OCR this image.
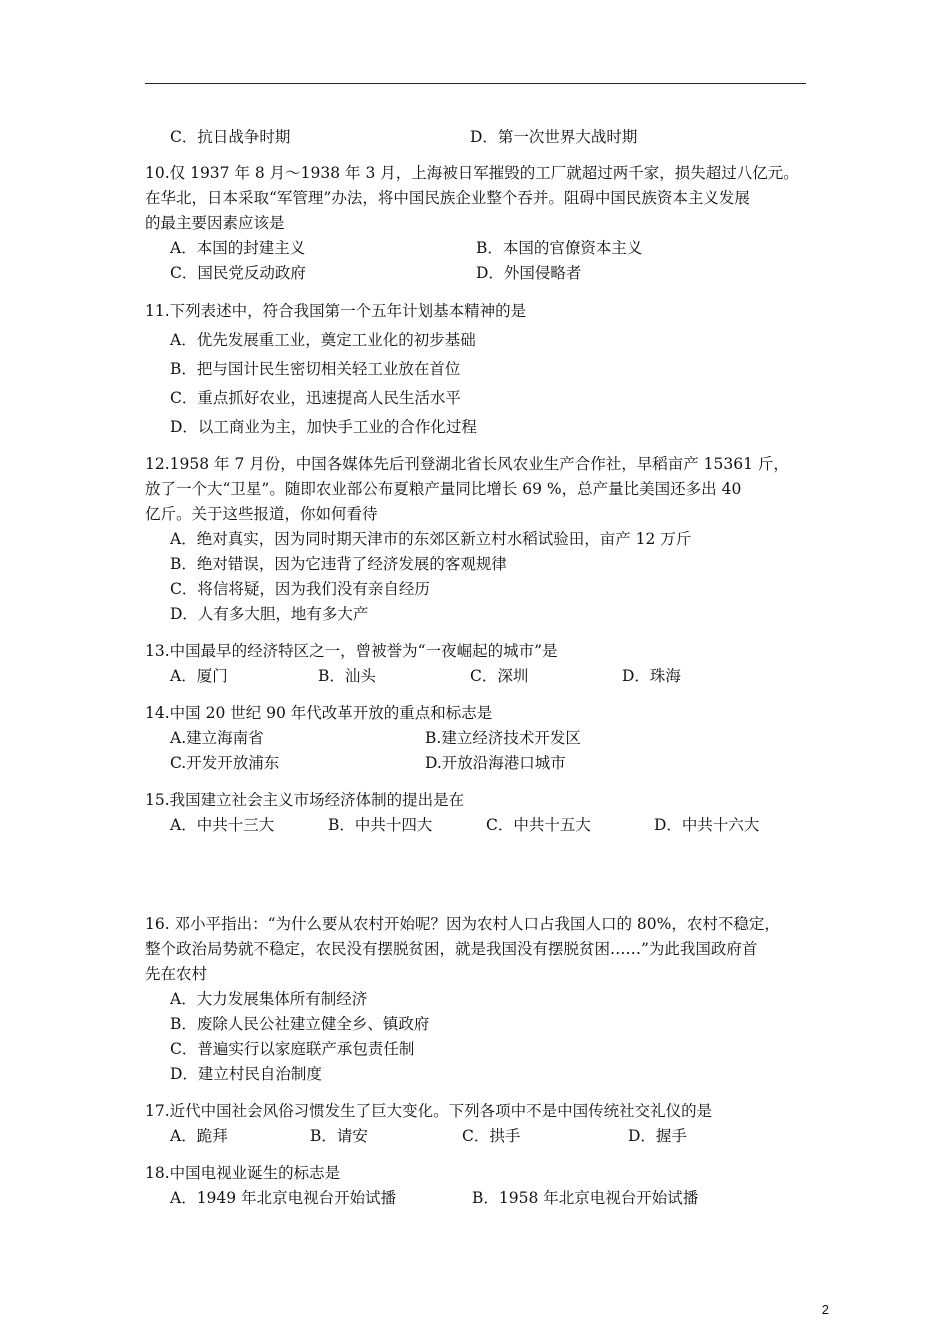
C．抗日战争时期	D．第一次世界大战时期
10.仅 1937 年 8 月～1938 年 3 月，上海被日军摧毁的工厂就超过两千家，损失超过八亿元。
在华北，日本采取“军管理”办法，将中国民族企业整个吞并。阻碍中国民族资本主义发展
的最主要因素应该是
A．本国的封建主义	B．本国的官僚资本主义
C．国民党反动政府	D．外国侵略者
11.下列表述中，符合我国第一个五年计划基本精神的是
A．优先发展重工业，奠定工业化的初步基础
B．把与国计民生密切相关轻工业放在首位
C．重点抓好农业，迅速提高人民生活水平
D．以工商业为主，加快手工业的合作化过程
12.1958 年 7 月份，中国各媒体先后刊登湖北省长风农业生产合作社，早稻亩产 15361 斤，
放了一个大“卫星”。随即农业部公布夏粮产量同比增长 69 %，总产量比美国还多出 40
亿斤。关于这些报道，你如何看待
A．绝对真实，因为同时期天津市的东郊区新立村水稻试验田，亩产 12 万斤
B．绝对错误，因为它违背了经济发展的客观规律
C．将信将疑，因为我们没有亲自经历
D．人有多大胆，地有多大产
13.中国最早的经济特区之一，曾被誉为“一夜崛起的城市”是
A．厦门	B．汕头	C．深圳	D．珠海
14.中国 20 世纪 90 年代改革开放的重点和标志是
A.建立海南省	B.建立经济技术开发区
C.开发开放浦东	D.开放沿海港口城市
15.我国建立社会主义市场经济体制的提出是在
A．中共十三大	B．中共十四大	C．中共十五大	D．中共十六大
16. 邓小平指出：“为什么要从农村开始呢？因为农村人口占我国人口的 80%，农村不稳定，
整个政治局势就不稳定，农民没有摆脱贫困，就是我国没有摆脱贫困……”为此我国政府首
先在农村
A．大力发展集体所有制经济
B．废除人民公社建立健全乡、镇政府
C．普遍实行以家庭联产承包责任制
D．建立村民自治制度
17.近代中国社会风俗习惯发生了巨大变化。下列各项中不是中国传统社交礼仪的是
A．跪拜	B．请安	C．拱手	D．握手
18.中国电视业诞生的标志是
A．1949 年北京电视台开始试播	B．1958 年北京电视台开始试播
2
